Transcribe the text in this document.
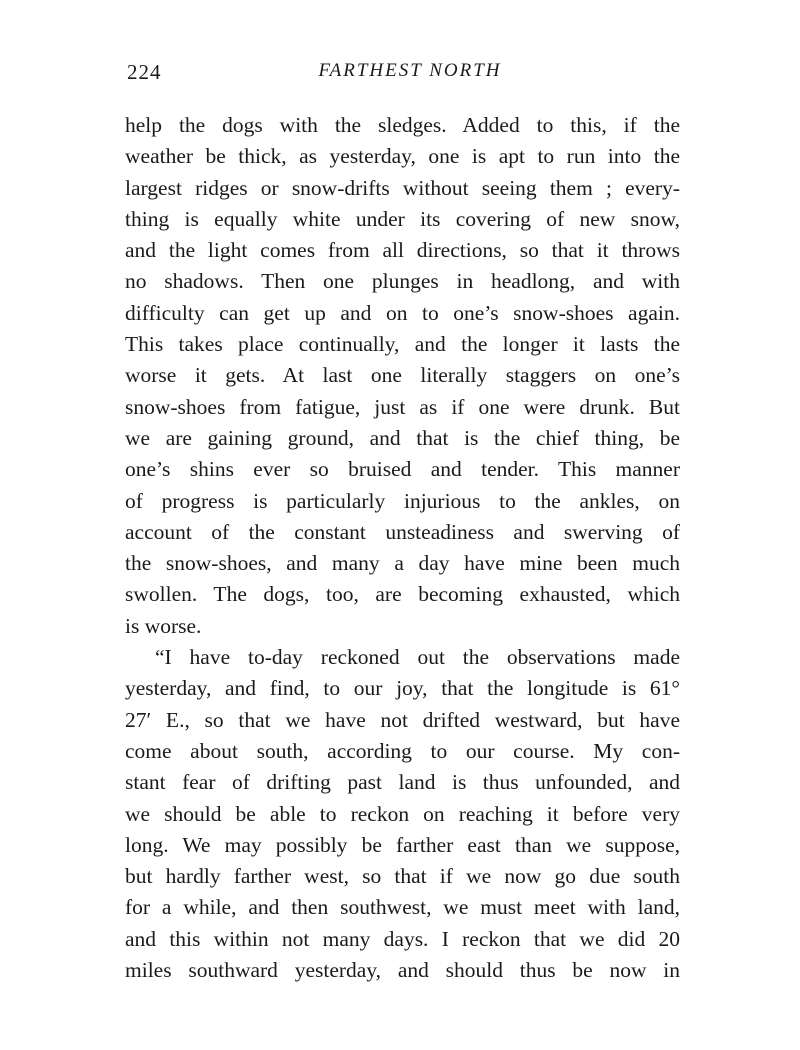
224	FARTHEST NORTH
help the dogs with the sledges. Added to this, if the
weather be thick, as yesterday, one is apt to run into the
largest ridges or snow-drifts without seeing them ; every-
thing is equally white under its covering of new snow,
and the light comes from all directions, so that it throws
no shadows. Then one plunges in headlong, and with
difficulty can get up and on to one’s snow-shoes again.
This takes place continually, and the longer it lasts the
worse it gets. At last one literally staggers on one’s
snow-shoes from fatigue, just as if one were drunk. But
we are gaining ground, and that is the chief thing, be
one’s shins ever so bruised and tender. This manner
of progress is particularly injurious to the ankles, on
account of the constant unsteadiness and swerving of
the snow-shoes, and many a day have mine been much
swollen. The dogs, too, are becoming exhausted, which
is worse.
“I have to-day reckoned out the observations made
yesterday, and find, to our joy, that the longitude is 61°
27′ E., so that we have not drifted westward, but have
come about south, according to our course. My con-
stant fear of drifting past land is thus unfounded, and
we should be able to reckon on reaching it before very
long. We may possibly be farther east than we suppose,
but hardly farther west, so that if we now go due south
for a while, and then southwest, we must meet with land,
and this within not many days. I reckon that we did 20
miles southward yesterday, and should thus be now in
